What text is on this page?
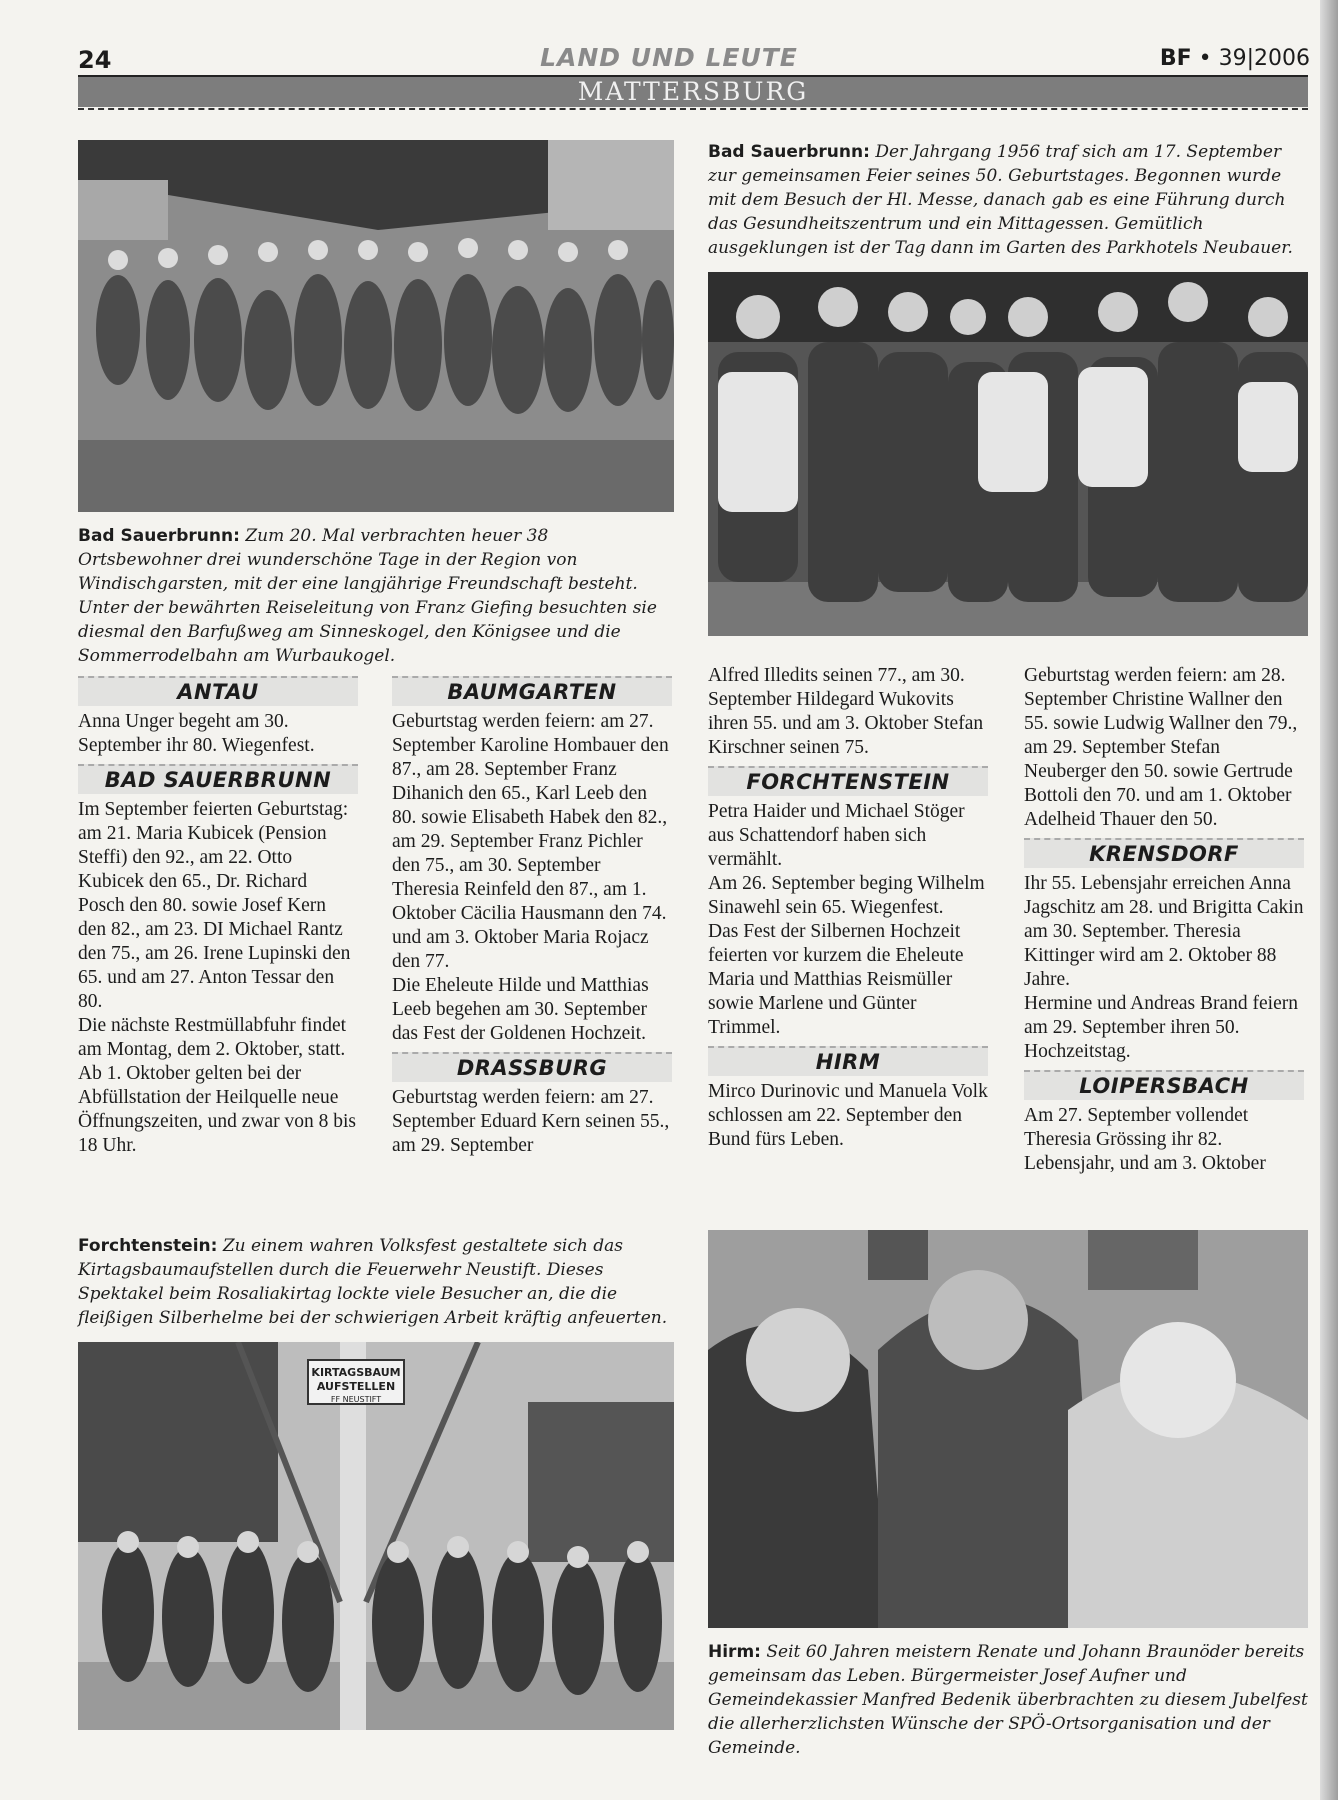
24	LAND UND LEUTE	BF • 39|2006
MATTERSBURG
Bad Sauerbrunn: Zum 20. Mal verbrachten heuer 38 Ortsbewohner drei wunderschöne Tage in der Region von Windischgarsten, mit der eine langjährige Freundschaft besteht. Unter der bewährten Reiseleitung von Franz Giefing besuchten sie diesmal den Barfußweg am Sinneskogel, den Königsee und die Sommerrodelbahn am Wurbaukogel.
Bad Sauerbrunn: Der Jahrgang 1956 traf sich am 17. September zur gemeinsamen Feier seines 50. Geburtstages. Begonnen wurde mit dem Besuch der Hl. Messe, danach gab es eine Führung durch das Gesundheitszentrum und ein Mittagessen. Gemütlich ausgeklungen ist der Tag dann im Garten des Parkhotels Neubauer.
ANTAU

Anna Unger begeht am 30. September ihr 80. Wiegenfest.

BAD SAUERBRUNN

Im September feierten Geburtstag: am 21. Maria Kubicek (Pension Steffi) den 92., am 22. Otto Kubicek den 65., Dr. Richard Posch den 80. sowie Josef Kern den 82., am 23. DI Michael Rantz den 75., am 26. Irene Lupinski den 65. und am 27. Anton Tessar den 80.
Die nächste Restmüllabfuhr findet am Montag, dem 2. Oktober, statt.
Ab 1. Oktober gelten bei der Abfüllstation der Heilquelle neue Öffnungszeiten, und zwar von 8 bis 18 Uhr.

BAUMGARTEN

Geburtstag werden feiern: am 27. September Karoline Hombauer den 87., am 28. September Franz Dihanich den 65., Karl Leeb den 80. sowie Elisabeth Habek den 82., am 29. September Franz Pichler den 75., am 30. September Theresia Reinfeld den 87., am 1. Oktober Cäcilia Hausmann den 74. und am 3. Oktober Maria Rojacz den 77.
Die Eheleute Hilde und Matthias Leeb begehen am 30. September das Fest der Goldenen Hochzeit.

DRASSBURG

Geburtstag werden feiern: am 27. September Eduard Kern seinen 55., am 29. September

Alfred Illedits seinen 77., am 30. September Hildegard Wukovits ihren 55. und am 3. Oktober Stefan Kirschner seinen 75.

FORCHTENSTEIN

Petra Haider und Michael Stöger aus Schattendorf haben sich vermählt.
Am 26. September beging Wilhelm Sinawehl sein 65. Wiegenfest.
Das Fest der Silbernen Hochzeit feierten vor kurzem die Eheleute Maria und Matthias Reismüller sowie Marlene und Günter Trimmel.

HIRM

Mirco Durinovic und Manuela Volk schlossen am 22. September den Bund fürs Leben.

Geburtstag werden feiern: am 28. September Christine Wallner den 55. sowie Ludwig Wallner den 79., am 29. September Stefan Neuberger den 50. sowie Gertrude Bottoli den 70. und am 1. Oktober Adelheid Thauer den 50.

KRENSDORF

Ihr 55. Lebensjahr erreichen Anna Jagschitz am 28. und Brigitta Cakin am 30. September. Theresia Kittinger wird am 2. Oktober 88 Jahre.
Hermine und Andreas Brand feiern am 29. September ihren 50. Hochzeitstag.

LOIPERSBACH

Am 27. September vollendet Theresia Grössing ihr 82. Lebensjahr, und am 3. Oktober

Forchtenstein: Zu einem wahren Volksfest gestaltete sich das Kirtagsbaumaufstellen durch die Feuerwehr Neustift. Dieses Spektakel beim Rosaliakirtag lockte viele Besucher an, die die fleißigen Silberhelme bei der schwierigen Arbeit kräftig anfeuerten.
KIRTAGSBAUM
AUFSTELLEN
FF NEUSTIFT
Hirm: Seit 60 Jahren meistern Renate und Johann Braunöder bereits gemeinsam das Leben. Bürgermeister Josef Aufner und Gemeindekassier Manfred Bedenik überbrachten zu diesem Jubelfest die allerherzlichsten Wünsche der SPÖ-Ortsorganisation und der Gemeinde.
